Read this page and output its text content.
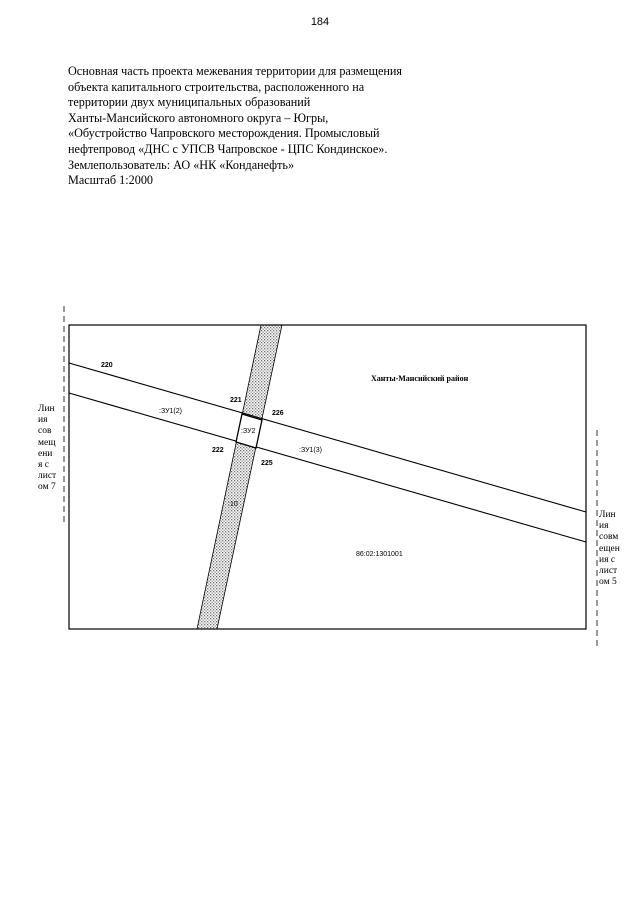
184
Основная часть проекта межевания территории для размещения
объекта капитального строительства, расположенного на
территории двух муниципальных образований
Ханты-Мансийского автономного округа – Югры,
«Обустройство Чапровского месторождения. Промысловый
нефтепровод «ДНС с УПСВ Чапровское - ЦПС Кондинское».
Землепользователь: АО «НК «Конданефть»
Масштаб 1:2000
220
221
226
222
225
:ЗУ1(2)
:ЗУ2
:ЗУ1(3)
:10
Ханты-Мансийский район
86:02:1301001
Лин
ия
сов
мещ
ени
я с
лист
ом 7
Лин
ия
совм
ещен
ия с
лист
ом 5
